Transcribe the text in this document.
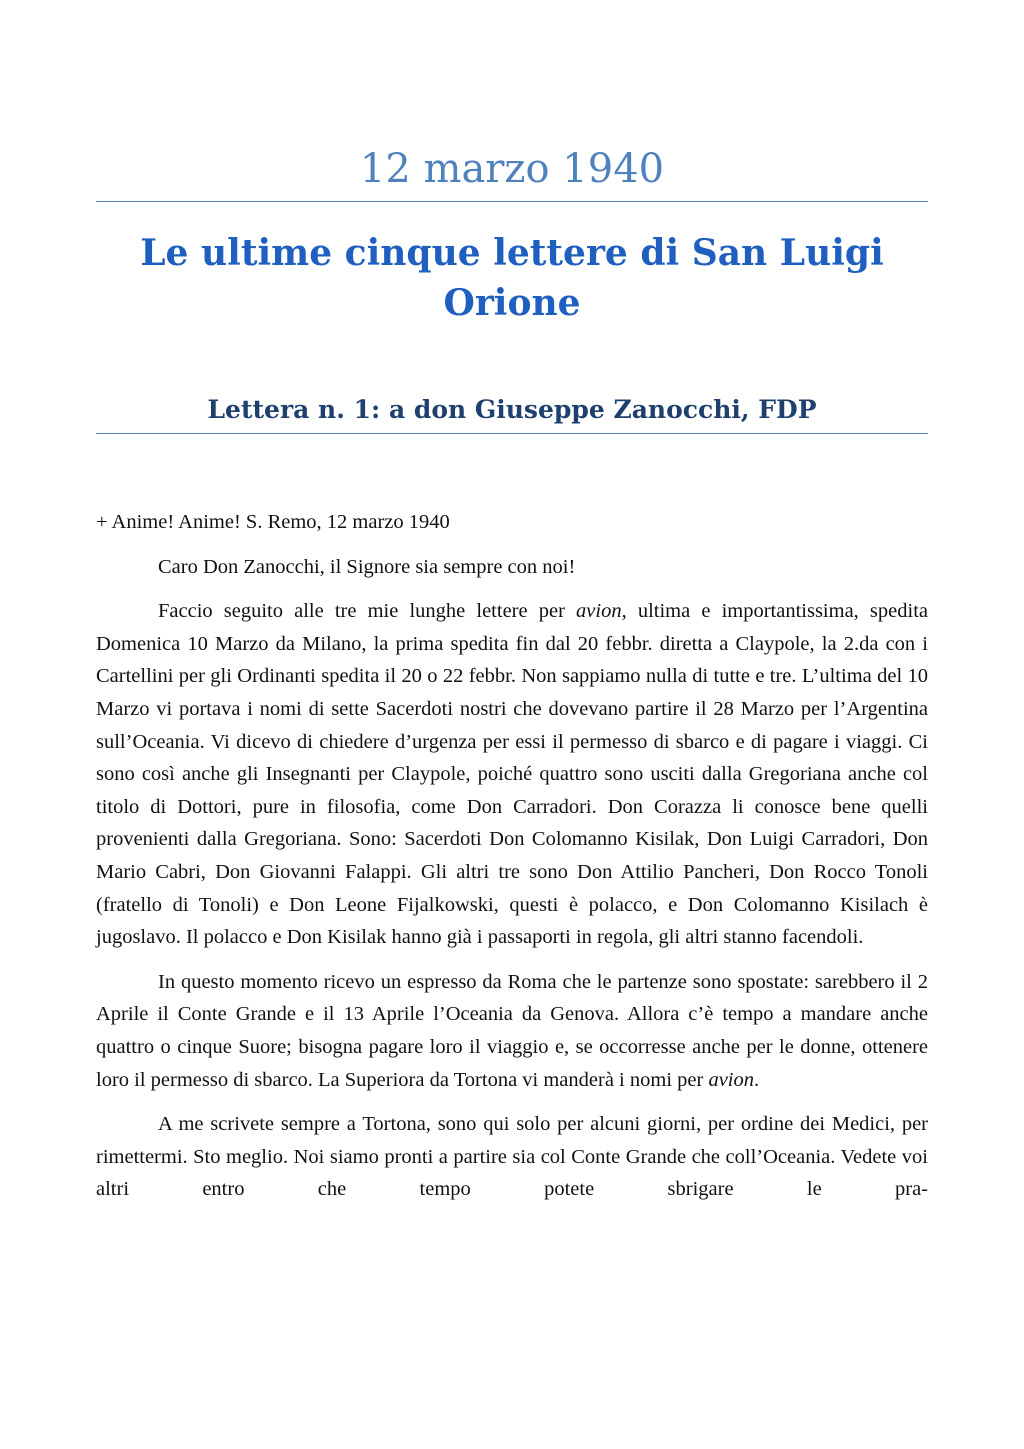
12 marzo 1940
Le ultime cinque lettere di San Luigi Orione
Lettera n. 1: a don Giuseppe Zanocchi, FDP

+ Anime! Anime! S. Remo, 12 marzo 1940

Caro Don Zanocchi, il Signore sia sempre con noi!

Faccio seguito alle tre mie lunghe lettere per avion, ultima e importantissima, spedita Domenica 10 Marzo da Milano, la prima spedita fin dal 20 febbr. diretta a Claypole, la 2.da con i Cartellini per gli Ordinanti spedita il 20 o 22 febbr. Non sappiamo nulla di tutte e tre. L’ultima del 10 Marzo vi portava i nomi di sette Sacerdoti nostri che dovevano partire il 28 Marzo per l’Argentina sull’Oceania. Vi dicevo di chiedere d’urgenza per essi il permesso di sbarco e di pagare i viaggi. Ci sono così anche gli Insegnanti per Claypole, poiché quattro sono usciti dalla Gregoriana anche col titolo di Dottori, pure in filosofia, come Don Carradori. Don Corazza li conosce bene quelli provenienti dalla Gregoriana. Sono: Sacerdoti Don Colomanno Kisilak, Don Luigi Carradori, Don Mario Cabri, Don Giovanni Falappi. Gli altri tre sono Don Attilio Pancheri, Don Rocco Tonoli (fratello di Tonoli) e Don Leone Fijalkowski, questi è polacco, e Don Colomanno Kisilach è jugoslavo. Il polacco e Don Kisilak hanno già i passaporti in regola, gli altri stanno facendoli.

In questo momento ricevo un espresso da Roma che le partenze sono spostate: sarebbero il 2 Aprile il Conte Grande e il 13 Aprile l’Oceania da Genova. Allora c’è tempo a mandare anche quattro o cinque Suore; bisogna pagare loro il viaggio e, se occorresse anche per le donne, ottenere loro il permesso di sbarco. La Superiora da Tortona vi manderà i nomi per avion.

A me scrivete sempre a Tortona, sono qui solo per alcuni giorni, per ordine dei Medici, per rimettermi. Sto meglio. Noi siamo pronti a partire sia col Conte Grande che coll’Oceania. Vedete voi altri entro che tempo potete sbrigare le pra-
